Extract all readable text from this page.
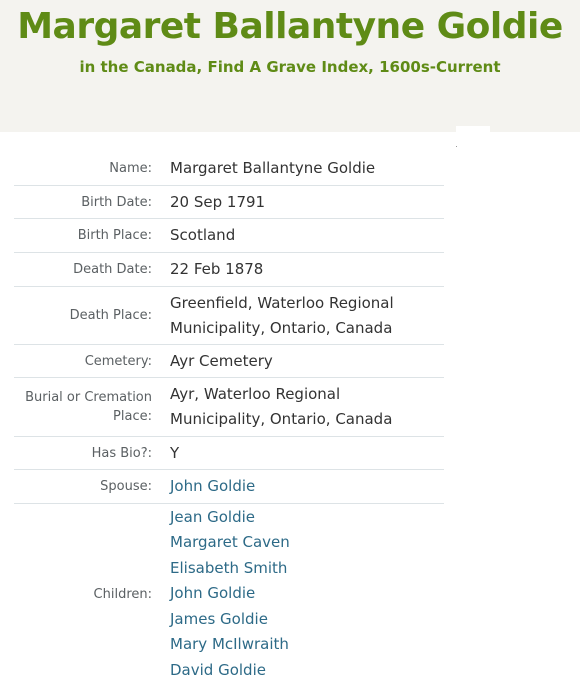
Margaret Ballantyne Goldie
in the Canada, Find A Grave Index, 1600s-Current
Name:	Margaret Ballantyne Goldie
Birth Date:	20 Sep 1791
Birth Place:	Scotland
Death Date:	22 Feb 1878
Death Place:
Greenfield, Waterloo Regional
Municipality, Ontario, Canada
Cemetery:	Ayr Cemetery
Burial or Cremation
Place:
Ayr, Waterloo Regional
Municipality, Ontario, Canada
Has Bio?:	Y
Spouse:	John Goldie
Children:
Jean Goldie
Margaret Caven
Elisabeth Smith
John Goldie
James Goldie
Mary McIlwraith
David Goldie
